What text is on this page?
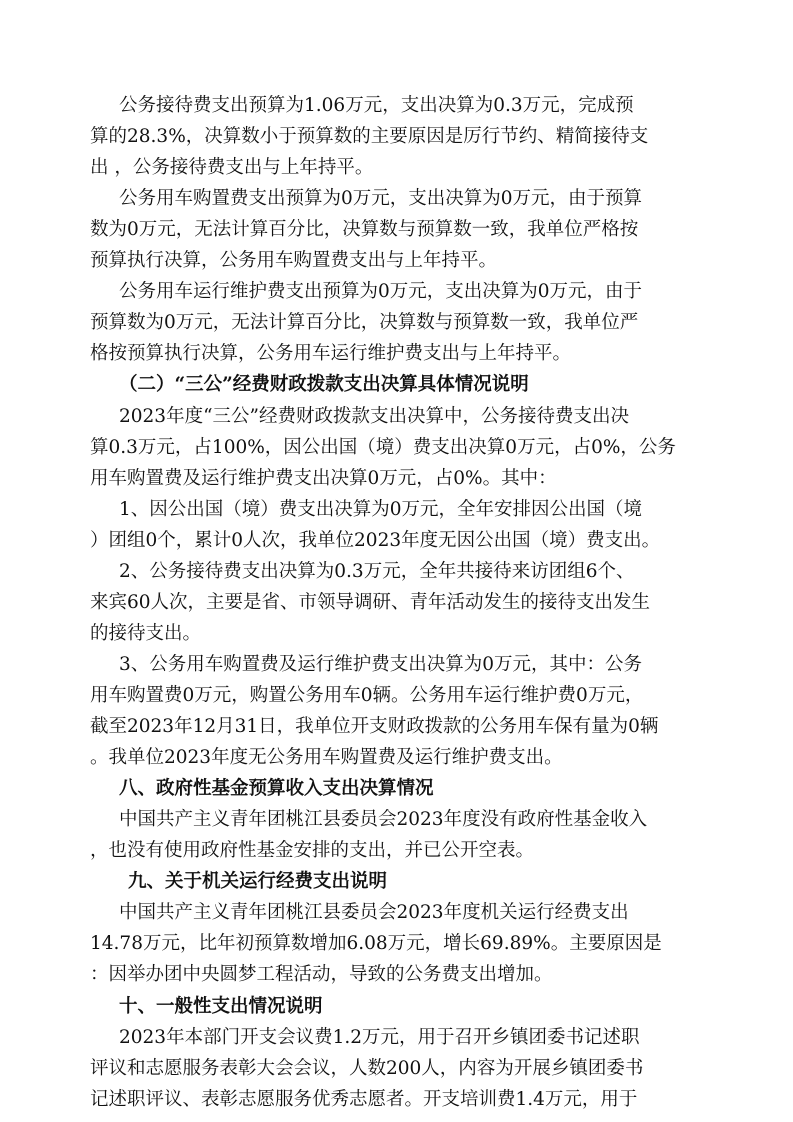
公务接待费支出预算为1.06万元，支出决算为0.3万元，完成预
算的28.3%，决算数小于预算数的主要原因是厉行节约、精简接待支
出 ，公务接待费支出与上年持平。
公务用车购置费支出预算为0万元，支出决算为0万元，由于预算
数为0万元，无法计算百分比，决算数与预算数一致，我单位严格按
预算执行决算，公务用车购置费支出与上年持平。
公务用车运行维护费支出预算为0万元，支出决算为0万元，由于
预算数为0万元，无法计算百分比，决算数与预算数一致，我单位严
格按预算执行决算，公务用车运行维护费支出与上年持平。
（二）“三公”经费财政拨款支出决算具体情况说明
2023年度“三公”经费财政拨款支出决算中，公务接待费支出决
算0.3万元，占100%，因公出国（境）费支出决算0万元，占0%，公务
用车购置费及运行维护费支出决算0万元，占0%。其中：
1、因公出国（境）费支出决算为0万元，全年安排因公出国（境
）团组0个，累计0人次，我单位2023年度无因公出国（境）费支出。
2、公务接待费支出决算为0.3万元，全年共接待来访团组6个、
来宾60人次，主要是省、市领导调研、青年活动发生的接待支出发生
的接待支出。
3、公务用车购置费及运行维护费支出决算为0万元，其中：公务
用车购置费0万元，购置公务用车0辆。公务用车运行维护费0万元，
截至2023年12月31日，我单位开支财政拨款的公务用车保有量为0辆
。我单位2023年度无公务用车购置费及运行维护费支出。
八、政府性基金预算收入支出决算情况
中国共产主义青年团桃江县委员会2023年度没有政府性基金收入
，也没有使用政府性基金安排的支出，并已公开空表。
九、关于机关运行经费支出说明
中国共产主义青年团桃江县委员会2023年度机关运行经费支出
14.78万元，比年初预算数增加6.08万元，增长69.89%。主要原因是
：因举办团中央圆梦工程活动，导致的公务费支出增加。
十、一般性支出情况说明
2023年本部门开支会议费1.2万元，用于召开乡镇团委书记述职
评议和志愿服务表彰大会会议，人数200人，内容为开展乡镇团委书
记述职评议、表彰志愿服务优秀志愿者。开支培训费1.4万元，用于
